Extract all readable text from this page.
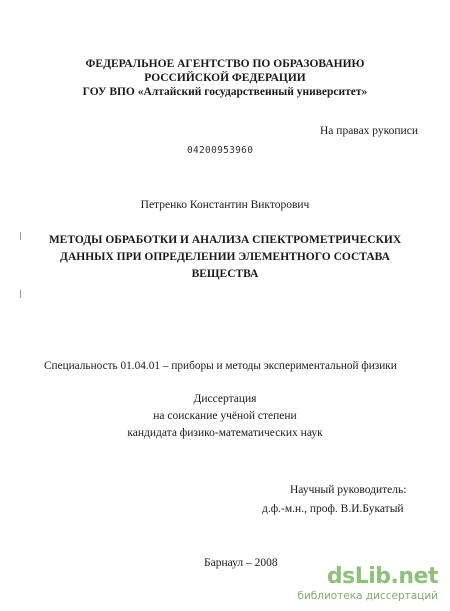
ФЕДЕРАЛЬНОЕ АГЕНТСТВО ПО ОБРАЗОВАНИЮ
РОССИЙСКОЙ ФЕДЕРАЦИИ
ГОУ ВПО «Алтайский государственный университет»
На правах рукописи
04200953960
Петренко Константин Викторович
МЕТОДЫ ОБРАБОТКИ И АНАЛИЗА СПЕКТРОМЕТРИЧЕСКИХ
ДАННЫХ ПРИ ОПРЕДЕЛЕНИИ ЭЛЕМЕНТНОГО СОСТАВА
ВЕЩЕСТВА
Специальность 01.04.01 – приборы и методы экспериментальной физики
Диссертация
на соискание учёной степени
кандидата физико-математических наук
Научный руководитель:
д.ф.-м.н., проф. В.И.Букатый
Барнаул – 2008
dsLib.net
библиотека диссертаций
